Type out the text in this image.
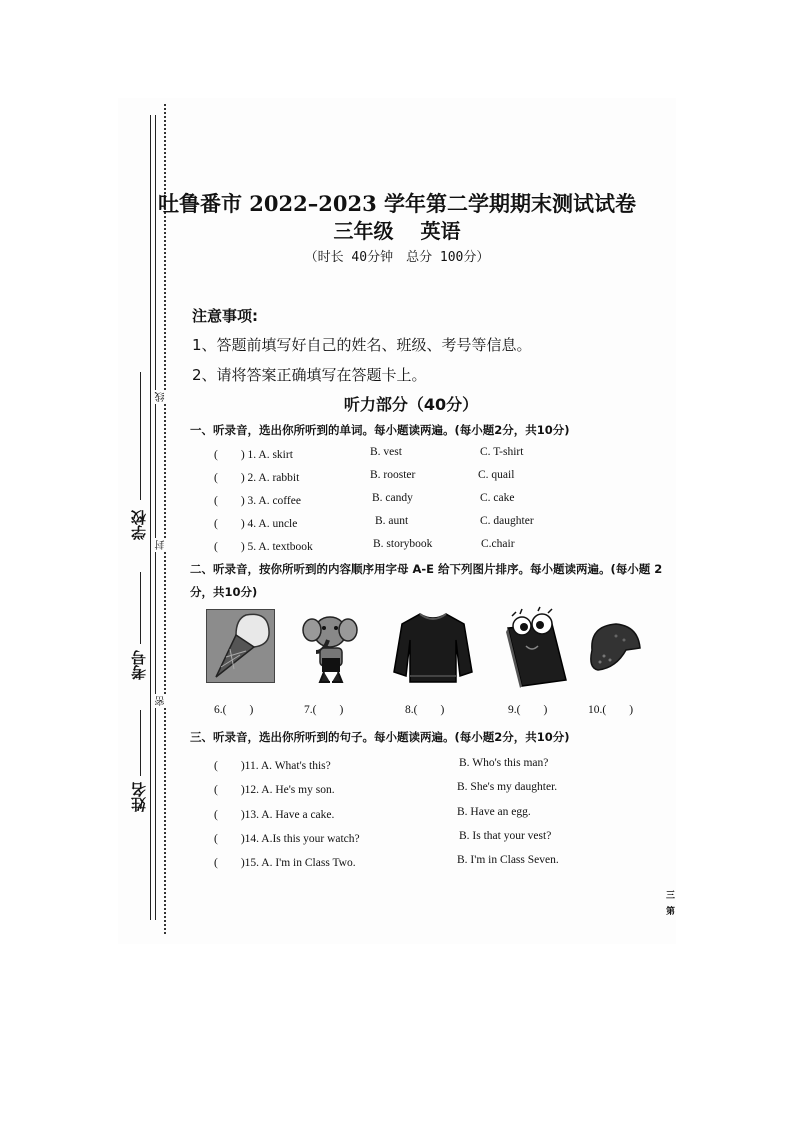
学校
考号
姓名
线
封
密
吐鲁番市 2022–2023 学年第二学期期末测试试卷
三年级　 英语
（时长 40分钟　总分 100分）
注意事项:
1、答题前填写好自己的姓名、班级、考号等信息。
2、请将答案正确填写在答题卡上。
听力部分（40分）
一、听录音，选出你所听到的单词。每小题读两遍。(每小题2分，共10分)
(　　) 1. A. skirt	B. vest	C. T-shirt
(　　) 2. A. rabbit	B. rooster	C. quail
(　　) 3. A. coffee	B. candy	C. cake
(　　) 4. A. uncle	B. aunt	C. daughter
(　　) 5. A. textbook	B. storybook	C.chair
二、听录音，按你所听到的内容顺序用字母 A-E 给下列图片排序。每小题读两遍。(每小题 2
分，共10分)
6.(　　)	7.(　　)	8.(　　)	9.(　　)	10.(　　)
三、听录音，选出你所听到的句子。每小题读两遍。(每小题2分，共10分)
(　　)11. A. What's this?	B. Who's this man?
(　　)12. A. He's my son.	B. She's my daughter.
(　　)13. A. Have a cake.	B. Have an egg.
(　　)14. A.Is this your watch?	B. Is that your vest?
(　　)15. A. I'm in Class Two.	B. I'm in Class Seven.
三
第
